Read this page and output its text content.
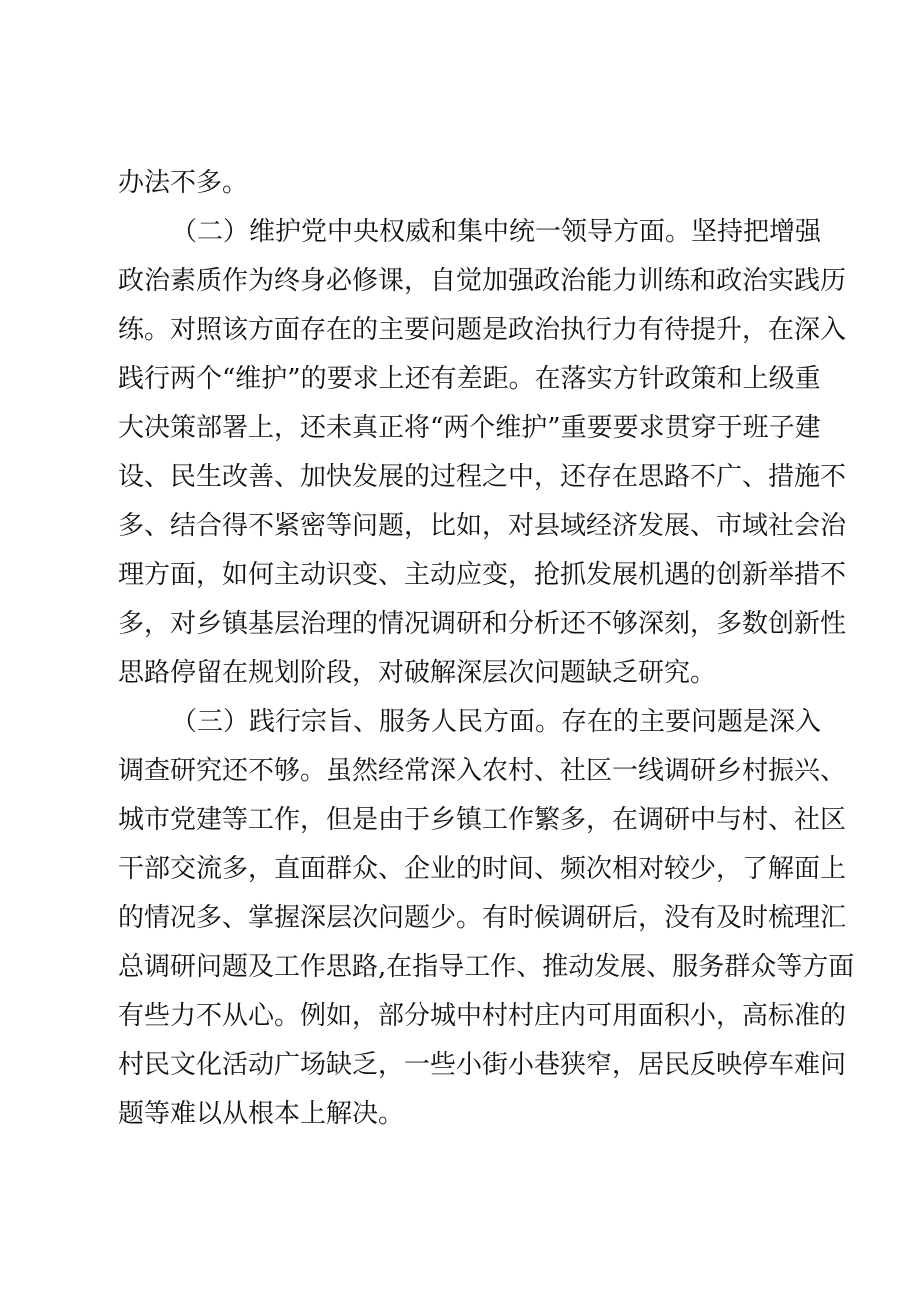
办法不多。
（二）维护党中央权威和集中统一领导方面。坚持把增强
政治素质作为终身必修课，自觉加强政治能力训练和政治实践历
练。对照该方面存在的主要问题是政治执行力有待提升，在深入
践行两个“维护”的要求上还有差距。在落实方针政策和上级重
大决策部署上，还未真正将“两个维护”重要要求贯穿于班子建
设、民生改善、加快发展的过程之中，还存在思路不广、措施不
多、结合得不紧密等问题，比如，对县域经济发展、市域社会治
理方面，如何主动识变、主动应变，抢抓发展机遇的创新举措不
多，对乡镇基层治理的情况调研和分析还不够深刻，多数创新性
思路停留在规划阶段，对破解深层次问题缺乏研究。
（三）践行宗旨、服务人民方面。存在的主要问题是深入
调查研究还不够。虽然经常深入农村、社区一线调研乡村振兴、
城市党建等工作，但是由于乡镇工作繁多，在调研中与村、社区
干部交流多，直面群众、企业的时间、频次相对较少，了解面上
的情况多、掌握深层次问题少。有时候调研后，没有及时梳理汇
总调研问题及工作思路,在指导工作、推动发展、服务群众等方面
有些力不从心。例如，部分城中村村庄内可用面积小，高标准的
村民文化活动广场缺乏，一些小街小巷狭窄，居民反映停车难问
题等难以从根本上解决。
